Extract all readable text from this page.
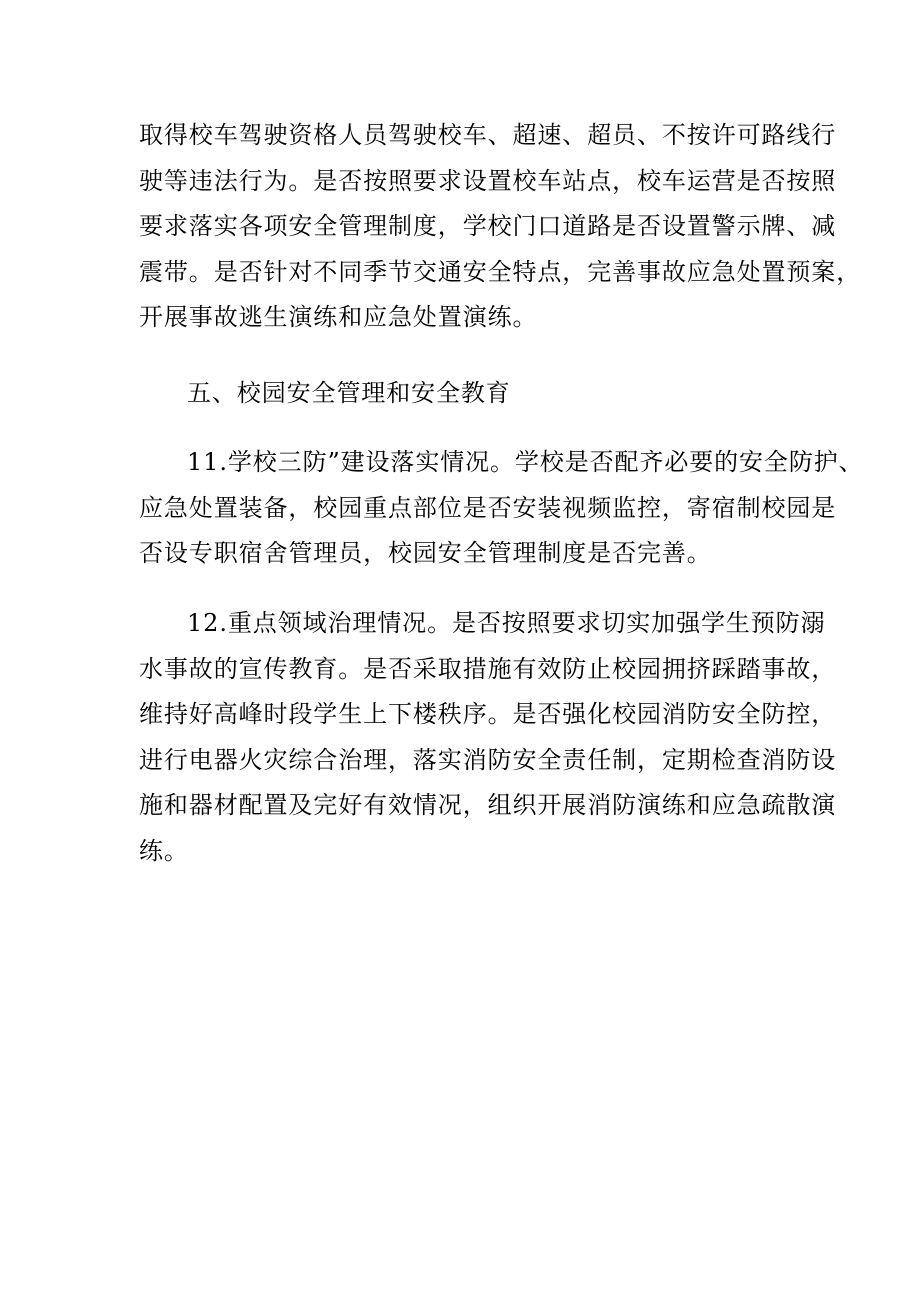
取得校车驾驶资格人员驾驶校车、超速、超员、不按许可路线行
驶等违法行为。是否按照要求设置校车站点，校车运营是否按照
要求落实各项安全管理制度，学校门口道路是否设置警示牌、减
震带。是否针对不同季节交通安全特点，完善事故应急处置预案，
开展事故逃生演练和应急处置演练。

五、校园安全管理和安全教育

11.学校三防”建设落实情况。学校是否配齐必要的安全防护、
应急处置装备，校园重点部位是否安装视频监控，寄宿制校园是
否设专职宿舍管理员，校园安全管理制度是否完善。

12.重点领域治理情况。是否按照要求切实加强学生预防溺
水事故的宣传教育。是否采取措施有效防止校园拥挤踩踏事故，
维持好高峰时段学生上下楼秩序。是否强化校园消防安全防控，
进行电器火灾综合治理，落实消防安全责任制，定期检查消防设
施和器材配置及完好有效情况，组织开展消防演练和应急疏散演
练。
